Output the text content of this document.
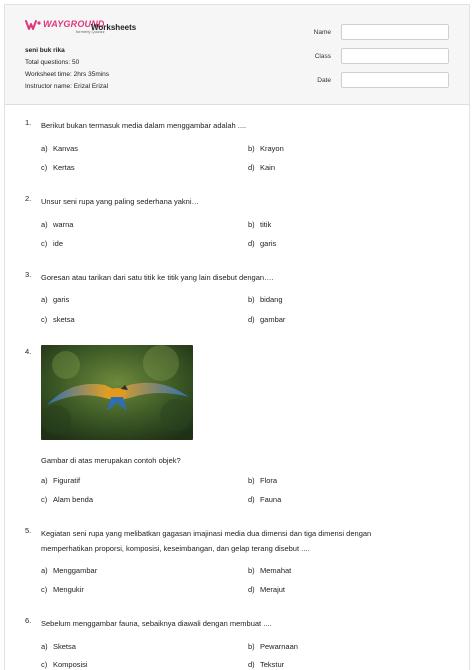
WAYGROUND
formerly Quizizz
Worksheets
seni buk rika
Total questions: 50
Worksheet time: 2hrs 35mins
Instructor name: Erizal Erizal
Name
Class
Date
1.	Berikut bukan termasuk media dalam menggambar adalah ....
a) Kanvas	b) Krayon
c) Kertas	d) Kain
2.	Unsur seni rupa yang paling sederhana yakni…
a) warna	b) titik
c) ide	d) garis
3.	Goresan atau tarikan dari satu titik ke titik yang lain disebut dengan….
a) garis	b) bidang
c) sketsa	d) gambar
4.
Gambar di atas merupakan contoh objek?
a) Figuratif	b) Flora
c) Alam benda	d) Fauna
5.	Kegiatan seni rupa yang melibatkan gagasan imajinasi media dua dimensi dan tiga dimensi dengan
memperhatikan proporsi, komposisi, keseimbangan, dan gelap terang disebut ....
a) Menggambar	b) Memahat
c) Mengukir	d) Merajut
6.	Sebelum menggambar fauna, sebaiknya diawali dengan membuat ....
a) Sketsa	b) Pewarnaan
c) Komposisi	d) Tekstur
